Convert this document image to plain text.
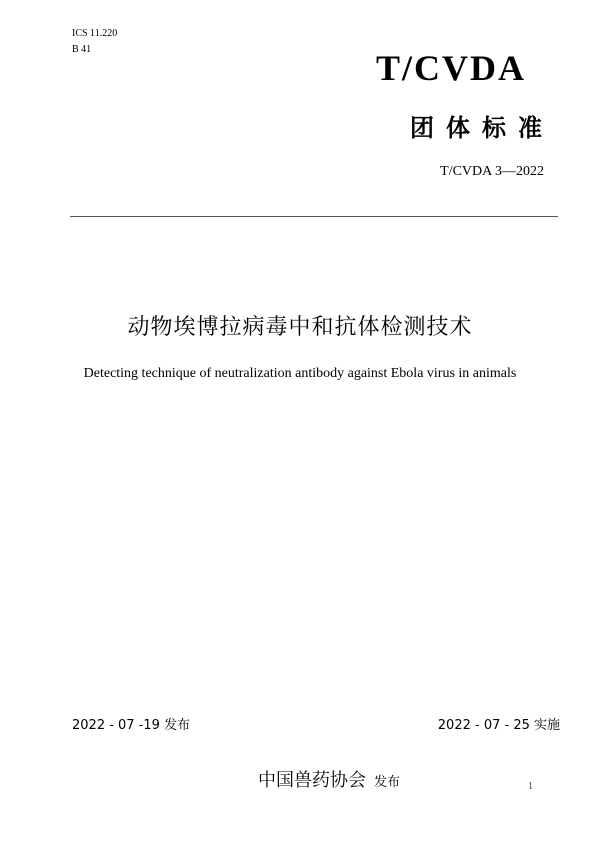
ICS 11.220
B 41	T/CVDA
团体标准
T/CVDA 3—2022
动物埃博拉病毒中和抗体检测技术
Detecting technique of neutralization antibody against Ebola virus in animals
2022 - 07 -19 发布	2022 - 07 - 25 实施
中国兽药协会 发布	1
